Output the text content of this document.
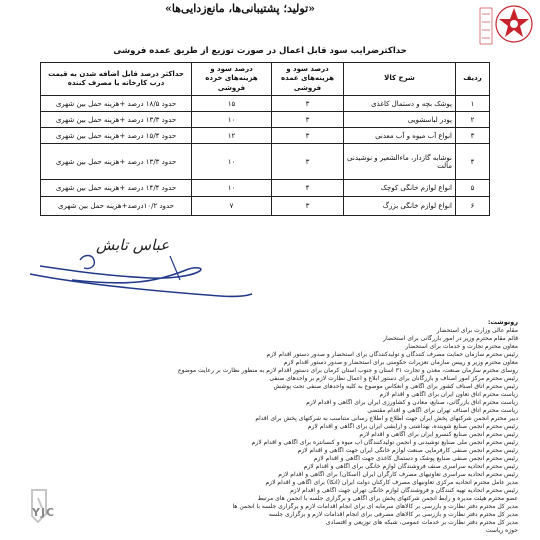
«تولید؛ پشتیبانی‌ها، مانع‌زدایی‌ها»
حداکثرضرایب سود قابل اعمال در صورت توزیع از طریق عمده فروشی
ردیف	شرح کالا	درصد سود و هزینه‌های عمده فروشی	درصد سود و هزینه‌های خرده فروشی	حداکثر درصد قابل اضافه شدن به قیمت درب کارخانه یا مصرف کننده
۱	پوشک بچه و دستمال کاغذی	۳	۱۵	حدود ۱۸/۵ درصد +هزینه حمل بین شهری
۲	پودر لباسشویی	۳	۱۰	حدود ۱۳/۳ درصد +هزینه حمل بین شهری
۳	انواع آب میوه و آب معدنی	۳	۱۲	حدود ۱۵/۴ درصد +هزینه حمل بین شهری
۴	نوشابه گازدار، ماءالشعیر و نوشیدنی مالت	۳	۱۰	حدود ۱۳/۳ درصد +هزینه حمل بین شهری
۵	انواع لوازم خانگی کوچک	۴	۱۰	حدود ۱۴/۴ درصد +هزینه حمل بین شهری
۶	انواع لوازم خانگی بزرگ	۳	۷	حدود ۱۰/۲درصد+هزینه حمل بین شهری
عباس تابش
رونوشت:
مقام عالی وزارت برای استحضار
قائم مقام محترم وزیر در امور بازرگانی برای استحضار
معاون محترم تجارت و خدمات برای استحضار
رئیس محترم سازمان حمایت مصرف کنندگان و تولیدکنندگان برای استحضار و صدور دستور اقدام لازم
معاون محترم وزیر و رییس سازمان تعزیرات حکومتی برای استحضار و صدور دستور اقدام لازم
روسای محترم سازمان صنعت، معدن و تجارت ۳۱ استان و جنوب استان کرمان برای دستور اقدام لازم به منظور نظارت بر رعایت موضوع
رئیس محترم مرکز امور اصناف و بازرگانان برای دستور ابلاغ و اعمال نظارت لازم بر واحدهای صنفی
رئیس محترم اتاق اصناف کشور برای آگاهی و انعکاس موضوع به کلیه واحدهای صنفی تحت پوشش
ریاست محترم اتاق تعاون ایران برای آگاهی و اقدام لازم
ریاست محترم اتاق بازرگانی، صنایع، معادن و کشاورزی ایران برای آگاهی و اقدام لازم
ریاست محترم اتاق اصناف تهران برای آگاهی و اقدام مقتضی
دبیر محترم انجمن شرکتهای پخش ایران جهت اطلاع و اطلاع رسانی متناسب به شرکتهای پخش برای اقدام
رئیس محترم انجمن صنایع شوینده، بهداشتی و آرایشی ایران برای آگاهی و اقدام لازم
رئیس محترم انجمن صنایع کنسرو ایران برای آگاهی و اقدام لازم
رئیس محترم انجمن ملی صنایع نوشیدنی و انجمن تولیدکنندگان آب میوه و کنسانتره برای آگاهی و اقدام لازم
رئیس محترم انجمن صنفی کارفرمایی صنعت لوازم خانگی ایران جهت آگاهی و اقدام لازم
رئیس محترم انجمن صنفی صنایع پوشک و دستمال کاغذی جهت آگاهی و اقدام لازم
رئیس محترم اتحادیه سراسری صنف فروشندگان لوازم خانگی برای آگاهی و اقدام لازم
رئیس محترم اتحادیه سراسری تعاونیهای مصرف کارگران ایران (اسکان) برای آگاهی و اقدام لازم
مدیر عامل محترم اتحادیه مرکزی تعاونیهای مصرف کارکنان دولت ایران (اتکا) برای آگاهی و اقدام لازم
رئیس محترم اتحادیه تهیه کنندگان و فروشندگان لوازم خانگی تهران جهت آگاهی و اقدام لازم
عضو محترم هیئت مدیره و رابط انجمن شرکتهای پخش برای آگاهی و برگزاری جلسه با انجمن های مرتبط
مدیر کل محترم دفتر نظارت و بازرسی بر کالاهای سرمایه ای برای انجام اقدامات لازم و برگزاری جلسه با انجمن ها
مدیر کل محترم دفتر نظارت و بازرسی بر کالاهای مصرفی برای انجام اقدامات لازم و برگزاری جلسه
مدیر کل محترم دفتر نظارت بر خدمات عمومی، شبکه های توزیعی و اقتصادی
حوزه ریاست
YJC
